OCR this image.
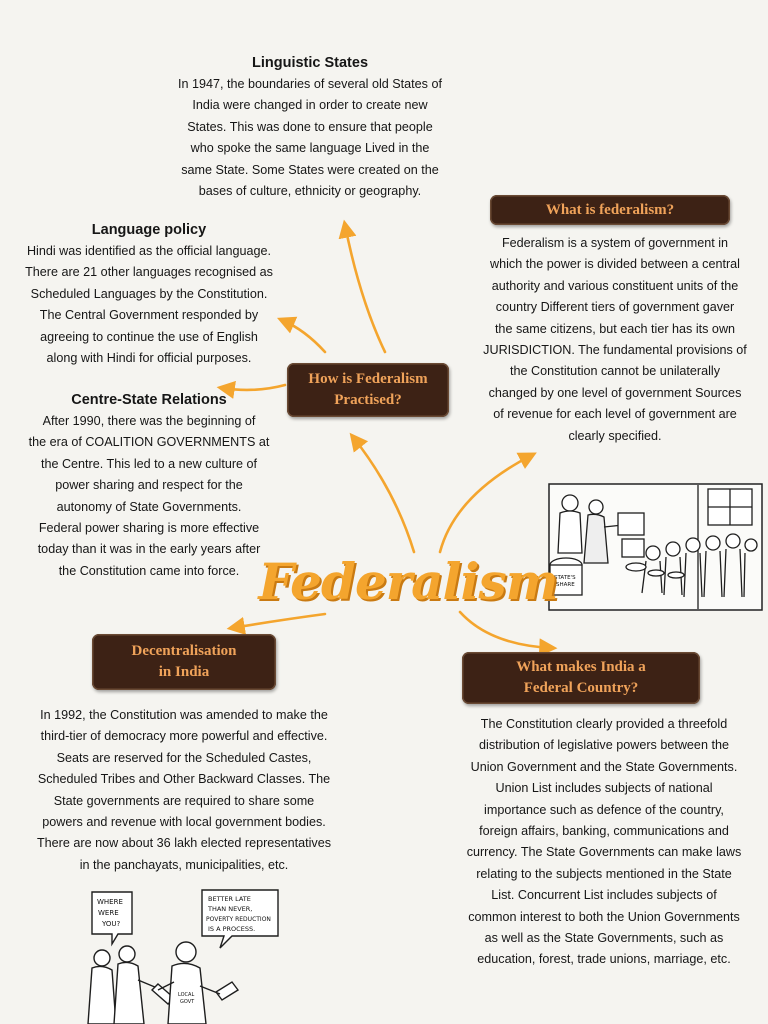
Linguistic States
In 1947, the boundaries of several old States of
India were changed in order to create new
States. This was done to ensure that people
who spoke the same language Lived in the
same State. Some States were created on the
bases of culture, ethnicity or geography.
What is federalism?
Federalism is a system of government in
which the power is divided between a central
authority and various constituent units of the
country Different tiers of government gaver
the same citizens, but each tier has its own
JURISDICTION. The fundamental provisions of
the Constitution cannot be unilaterally
changed by one level of government Sources
of revenue for each level of government are
clearly specified.
Language policy
Hindi was identified as the official language.
There are 21 other languages recognised as
Scheduled Languages by the Constitution.
The Central Government responded by
agreeing to continue the use of English
along with Hindi for official purposes.
How is Federalism
Practised?
Centre-State Relations
After 1990, there was the beginning of
the era of COALITION GOVERNMENTS at
the Centre. This led to a new culture of
power sharing and respect for the
autonomy of State Governments.
Federal power sharing is more effective
today than it was in the early years after
the Constitution came into force.
STATE'S
SHARE
Federalism
Decentralisation
in India	What makes India a
Federal Country?
In 1992, the Constitution was amended to make the
third-tier of democracy more powerful and effective.
Seats are reserved for the Scheduled Castes,
Scheduled Tribes and Other Backward Classes. The
State governments are required to share some
powers and revenue with local government bodies.
There are now about 36 lakh elected representatives
in the panchayats, municipalities, etc.
The Constitution clearly provided a threefold
distribution of legislative powers between the
Union Government and the State Governments.
Union List includes subjects of national
importance such as defence of the country,
foreign affairs, banking, communications and
currency. The State Governments can make laws
relating to the subjects mentioned in the State
List. Concurrent List includes subjects of
common interest to both the Union Governments
as well as the State Governments, such as
education, forest, trade unions, marriage, etc.
WHERE
WERE
YOU?
BETTER LATE
THAN NEVER,
POVERTY REDUCTION
IS A PROCESS.
LOCAL
GOVT
